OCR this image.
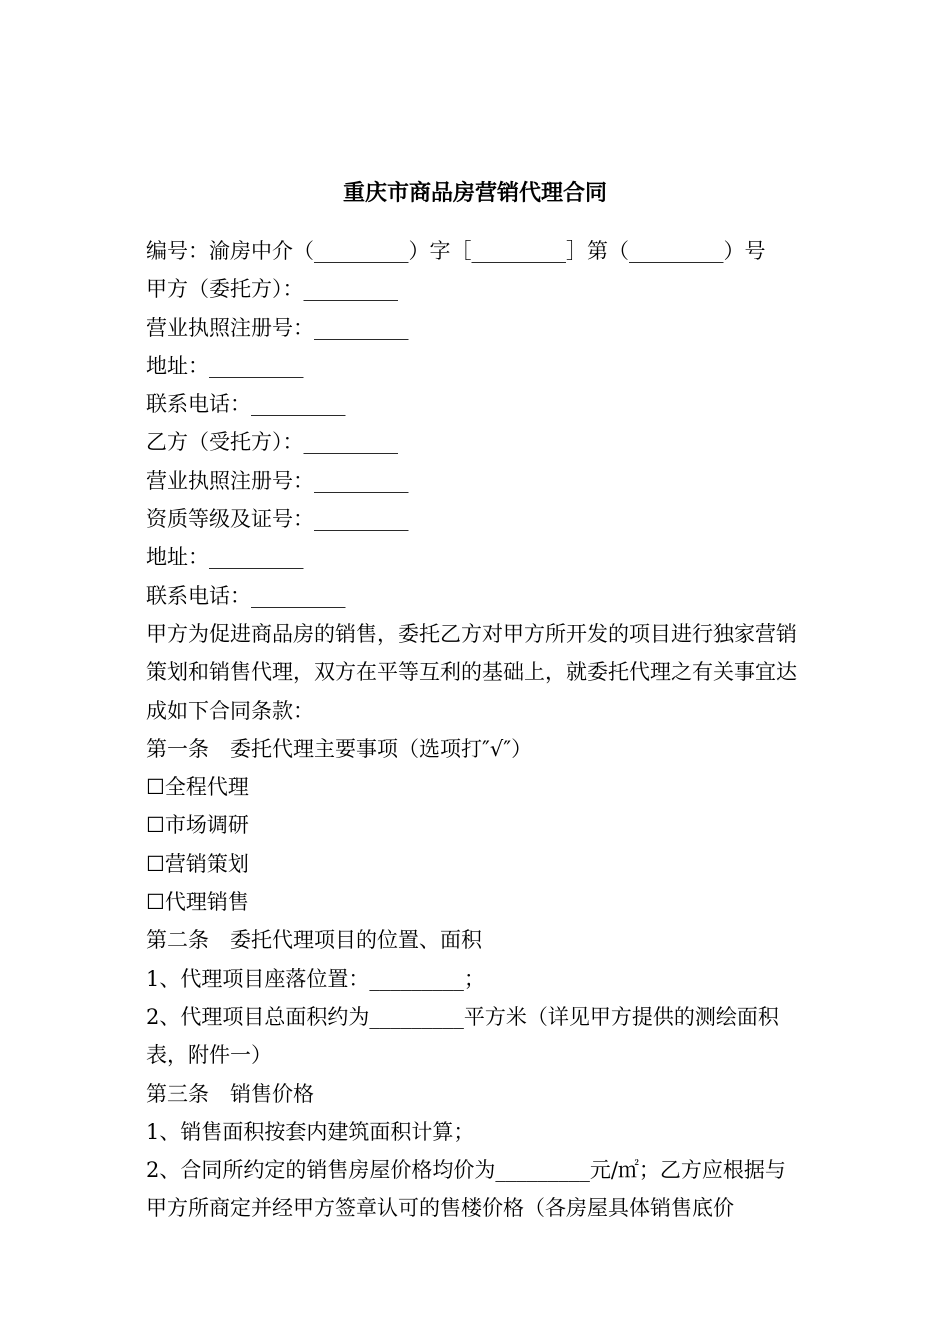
重庆市商品房营销代理合同
编号：渝房中介（_________）字［_________］第（_________）号
甲方（委托方）：_________
营业执照注册号：_________
地址：_________
联系电话：_________
乙方（受托方）：_________
营业执照注册号：_________
资质等级及证号：_________
地址：_________
联系电话：_________
甲方为促进商品房的销售，委托乙方对甲方所开发的项目进行独家营销策划和销售代理，双方在平等互利的基础上，就委托代理之有关事宜达成如下合同条款：
第一条　委托代理主要事项（选项打″√″）
☐全程代理
☐市场调研
☐营销策划
☐代理销售
第二条　委托代理项目的位置、面积
1、代理项目座落位置：_________；
2、代理项目总面积约为_________平方米（详见甲方提供的测绘面积表，附件一）
第三条　销售价格
1、销售面积按套内建筑面积计算；
2、合同所约定的销售房屋价格均价为_________元/㎡；乙方应根据与甲方所商定并经甲方签章认可的售楼价格（各房屋具体销售底价
